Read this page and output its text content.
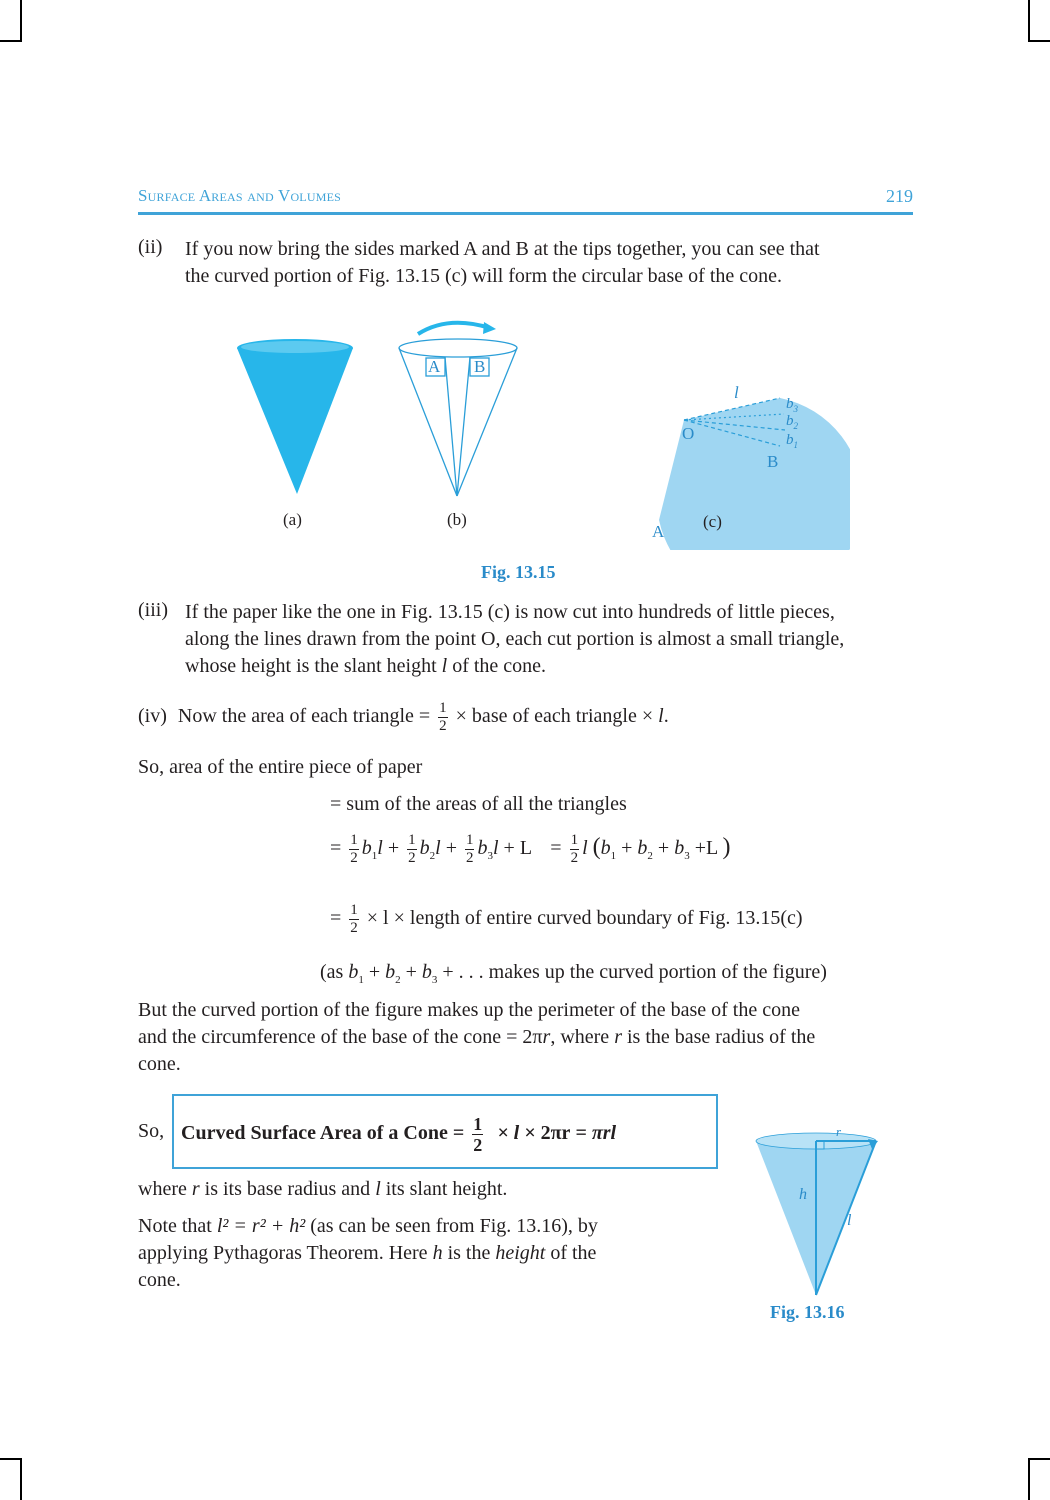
Surface Areas and Volumes	219
(ii) If you now bring the sides marked A and B at the tips together, you can see that
the curved portion of Fig. 13.15 (c) will form the circular base of the cone.
A B
l
O
B
A
$b_3$
$b_2$
$b_1$
(a)	(b)	(c)
Fig. 13.15
(iii) If the paper like the one in Fig. 13.15 (c) is now cut into hundreds of little pieces,
along the lines drawn from the point O, each cut portion is almost a small triangle,
whose height is the slant height l of the cone.
(iv) Now the area of each triangle = $\frac{1}{2}$ × base of each triangle × l.
So, area of the entire piece of paper
= sum of the areas of all the triangles
= $\frac{1}{2} b_1l + \frac{1}{2} b_2l + \frac{1}{2} b_3l + L = \frac{1}{2}$ l ($b_1 + b_2 + b_3 +L$ )
= $\frac{1}{2} \times l$ × length of entire curved boundary of Fig. 13.15(c)
(as $b_1 + b_2 + b_3$ + . . . makes up the curved portion of the figure)
But the curved portion of the figure makes up the perimeter of the base of the cone
and the circumference of the base of the cone = 2πr, where r is the base radius of the
cone.
So, Curved Surface Area of a Cone = $\frac{1}{2} \times l \times 2\pi r = \pi rl$
where r is its base radius and l its slant height.
Note that l² = r² + h² (as can be seen from Fig. 13.16), by
applying Pythagoras Theorem. Here h is the height of the
cone.
r
h
l
Fig. 13.16
